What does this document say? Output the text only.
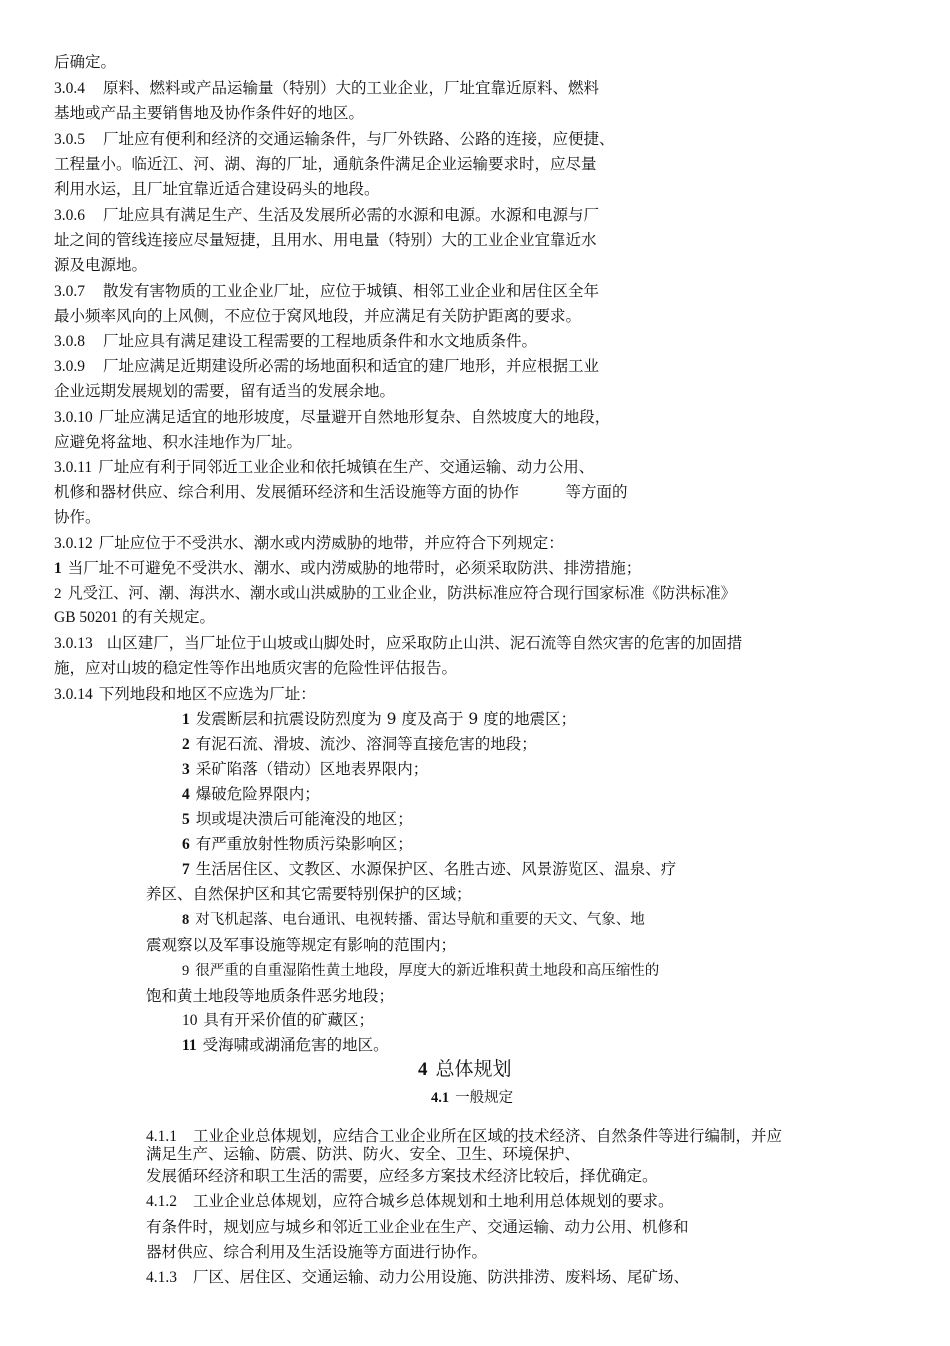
后确定。
3.0.4 原料、燃料或产品运输量（特别）大的工业企业，厂址宜靠近原料、燃料
基地或产品主要销售地及协作条件好的地区。
3.0.5 厂址应有便利和经济的交通运输条件，与厂外铁路、公路的连接，应便捷、
工程量小。临近江、河、湖、海的厂址，通航条件满足企业运输要求时，应尽量
利用水运，且厂址宜靠近适合建设码头的地段。
3.0.6 厂址应具有满足生产、生活及发展所必需的水源和电源。水源和电源与厂
址之间的管线连接应尽量短捷，且用水、用电量（特别）大的工业企业宜靠近水
源及电源地。
3.0.7 散发有害物质的工业企业厂址，应位于城镇、相邻工业企业和居住区全年
最小频率风向的上风侧，不应位于窝风地段，并应满足有关防护距离的要求。
3.0.8 厂址应具有满足建设工程需要的工程地质条件和水文地质条件。
3.0.9 厂址应满足近期建设所必需的场地面积和适宜的建厂地形，并应根据工业
企业远期发展规划的需要，留有适当的发展余地。
3.0.10 厂址应满足适宜的地形坡度，尽量避开自然地形复杂、自然坡度大的地段，
应避免将盆地、积水洼地作为厂址。
3.0.11 厂址应有利于同邻近工业企业和依托城镇在生产、交通运输、动力公用、
机修和器材供应、综合利用、发展循环经济和生活设施等方面的协作　　　等方面的
协作。
3.0.12 厂址应位于不受洪水、潮水或内涝威胁的地带，并应符合下列规定：
1 当厂址不可避免不受洪水、潮水、或内涝威胁的地带时，必须采取防洪、排涝措施；
2 凡受江、河、潮、海洪水、潮水或山洪威胁的工业企业，防洪标准应符合现行国家标准《防洪标准》
GB 50201 的有关规定。
3.0.13 山区建厂，当厂址位于山坡或山脚处时，应采取防止山洪、泥石流等自然灾害的危害的加固措
施，应对山坡的稳定性等作出地质灾害的危险性评估报告。
3.0.14 下列地段和地区不应选为厂址：
1 发震断层和抗震设防烈度为 9 度及高于 9 度的地震区；
2 有泥石流、滑坡、流沙、溶洞等直接危害的地段；
3 采矿陷落（错动）区地表界限内；
4 爆破危险界限内；
5 坝或堤决溃后可能淹没的地区；
6 有严重放射性物质污染影响区；
7 生活居住区、文教区、水源保护区、名胜古迹、风景游览区、温泉、疗
养区、自然保护区和其它需要特别保护的区域；
8 对飞机起落、电台通讯、电视转播、雷达导航和重要的天文、气象、地
震观察以及军事设施等规定有影响的范围内；
9 很严重的自重湿陷性黄土地段，厚度大的新近堆积黄土地段和高压缩性的
饱和黄土地段等地质条件恶劣地段；
10 具有开采价值的矿藏区；
11 受海啸或湖涌危害的地区。
4 总体规划
4.1 一般规定
4.1.1 工业企业总体规划，应结合工业企业所在区域的技术经济、自然条件等进行编制，并应
满足生产、运输、防震、防洪、防火、安全、卫生、环境保护、
发展循环经济和职工生活的需要，应经多方案技术经济比较后，择优确定。
4.1.2 工业企业总体规划，应符合城乡总体规划和土地利用总体规划的要求。
有条件时，规划应与城乡和邻近工业企业在生产、交通运输、动力公用、机修和
器材供应、综合利用及生活设施等方面进行协作。
4.1.3 厂区、居住区、交通运输、动力公用设施、防洪排涝、废料场、尾矿场、
